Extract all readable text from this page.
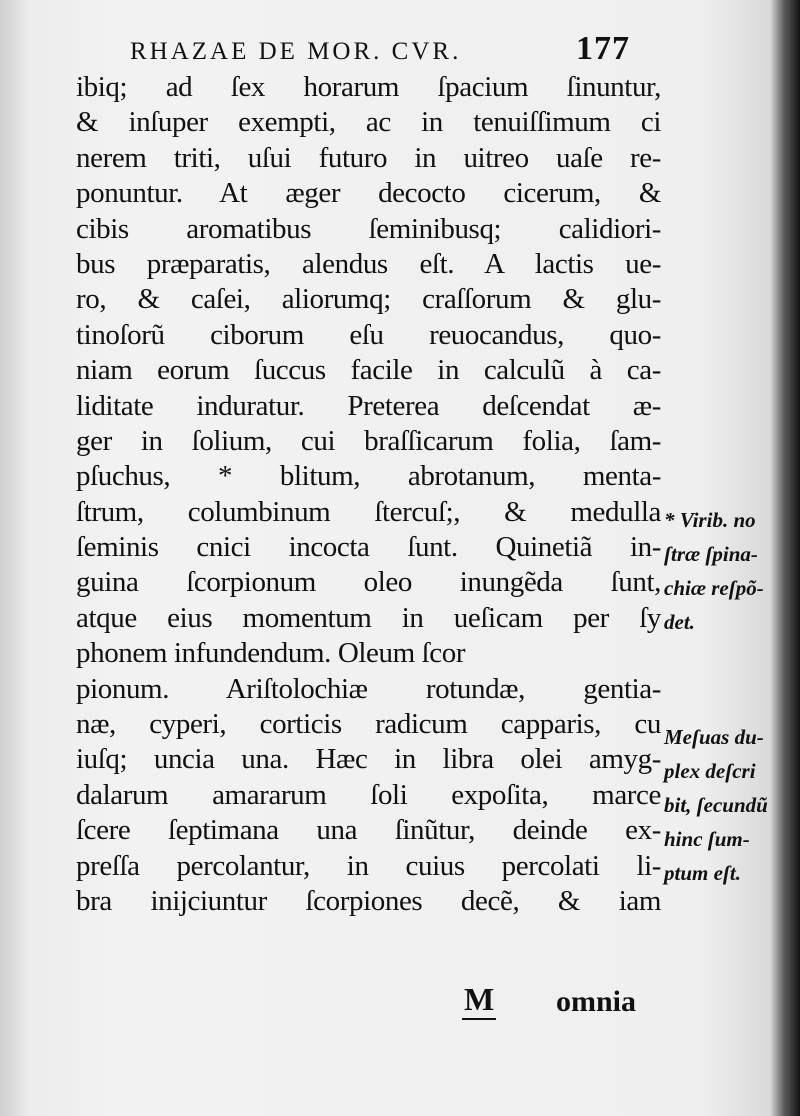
RHAZAE DE MOR. CVR.	177
ibiq; ad ſex horarum ſpacium ſinuntur,
& inſuper exempti, ac in tenuiſſimum ci
nerem triti, uſui futuro in uitreo uaſe re-
ponuntur. At æger decocto cicerum, &
cibis aromatibus ſeminibusq; calidiori-
bus præparatis, alendus eſt. A lactis ue-
ro, & caſei, aliorumq; craſſorum & glu-
tinoſorũ ciborum eſu reuocandus, quo-
niam eorum ſuccus facile in calculũ à ca-
liditate induratur. Preterea deſcendat æ-
ger in ſolium, cui braſſicarum folia, ſam-
pſuchus, * blitum, abrotanum, menta-
ſtrum, columbinum ſtercuſ;, & medulla
ſeminis cnici incocta ſunt. Quinetiã in-
guina ſcorpionum oleo inungẽda ſunt,
atque eius momentum in ueſicam per ſy
phonem infundendum. Oleum ſcor
pionum. Ariſtolochiæ rotundæ, gentia-
næ, cyperi, corticis radicum capparis, cu
iuſq; uncia una. Hæc in libra olei amyg-
dalarum amararum ſoli expoſita, marce
ſcere ſeptimana una ſinũtur, deinde ex-
preſſa percolantur, in cuius percolati li-
bra inijciuntur ſcorpiones decẽ, & iam
M omnia
* Virib. no
ſtræ ſpina-
chiæ reſpõ-
det.
Meſuas du-
plex deſcri
bit, ſecundũ
hinc ſum-
ptum eſt.
